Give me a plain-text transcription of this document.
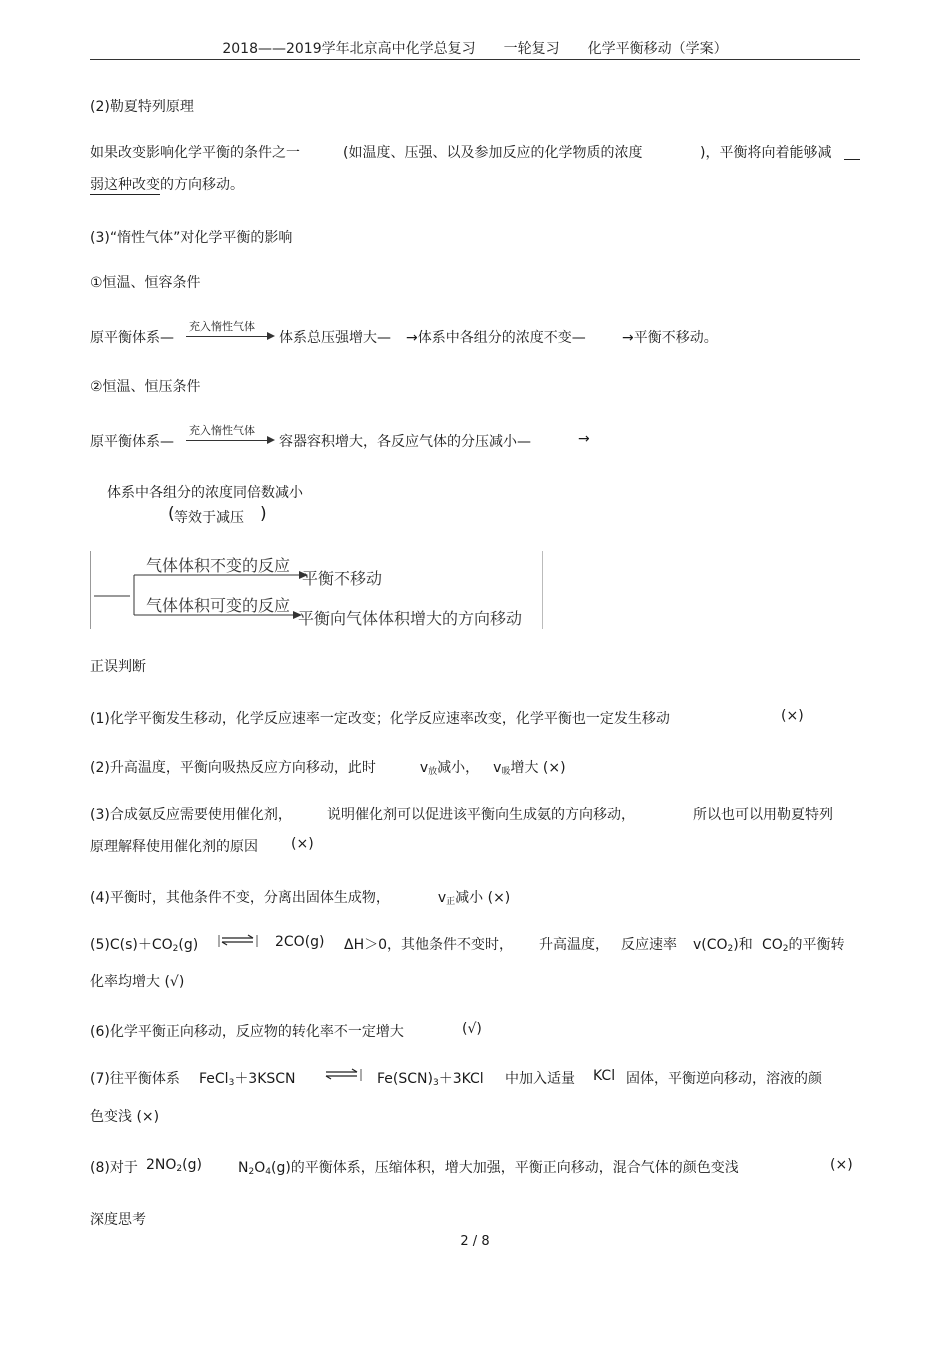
2018——2019学年北京高中化学总复习　　一轮复习　　化学平衡移动（学案）
(2)勒夏特列原理
如果改变影响化学平衡的条件之一	(如温度、压强、以及参加反应的化学物质的浓度	)，平衡将向着能够减
弱这种改变的方向移动。
(3)“惰性气体”对化学平衡的影响
①恒温、恒容条件
原平衡体系—
充入惰性气体
体系总压强增大— →体系中各组分的浓度不变—	→平衡不移动。
②恒温、恒压条件
原平衡体系—
充入惰性气体
容器容积增大，各反应气体的分压减小—	→
体系中各组分的浓度同倍数减小
( 等效于减压 )
气体体积不变的反应
平衡不移动
气体体积可变的反应
平衡向气体体积增大的方向移动
正误判断
(1)化学平衡发生移动，化学反应速率一定改变；化学反应速率改变，化学平衡也一定发生移动	(×)
(2)升高温度，平衡向吸热反应方向移动，此时	$v_放$减小， $v_吸$增大 (×)
(3)合成氨反应需要使用催化剂，	说明催化剂可以促进该平衡向生成氨的方向移动，	所以也可以用勒夏特列
原理解释使用催化剂的原因 (×)
(4)平衡时，其他条件不变，分离出固体生成物，	$v_正$减小 (×)
$(5)C(s)+CO_2(g)$ ⇌ 2CO(g) ΔH＞0，其他条件不变时， 升高温度， 反应速率 $v(CO_2)$和 $CO_2$的平衡转
化率均增大 (√)
(6)化学平衡正向移动，反应物的转化率不一定增大	(√)
(7)往平衡体系 FeCl$_3$＋3KSCN ⇌ $Fe(SCN)_3+3KCl$ 中加入适量 KCl 固体，平衡逆向移动，溶液的颜
色变浅 (×)
(8)对于 $2NO_2(g)$	$N_2O_4(g)$的平衡体系，压缩体积，增大加强，平衡正向移动，混合气体的颜色变浅	(×)
深度思考
2 / 8
